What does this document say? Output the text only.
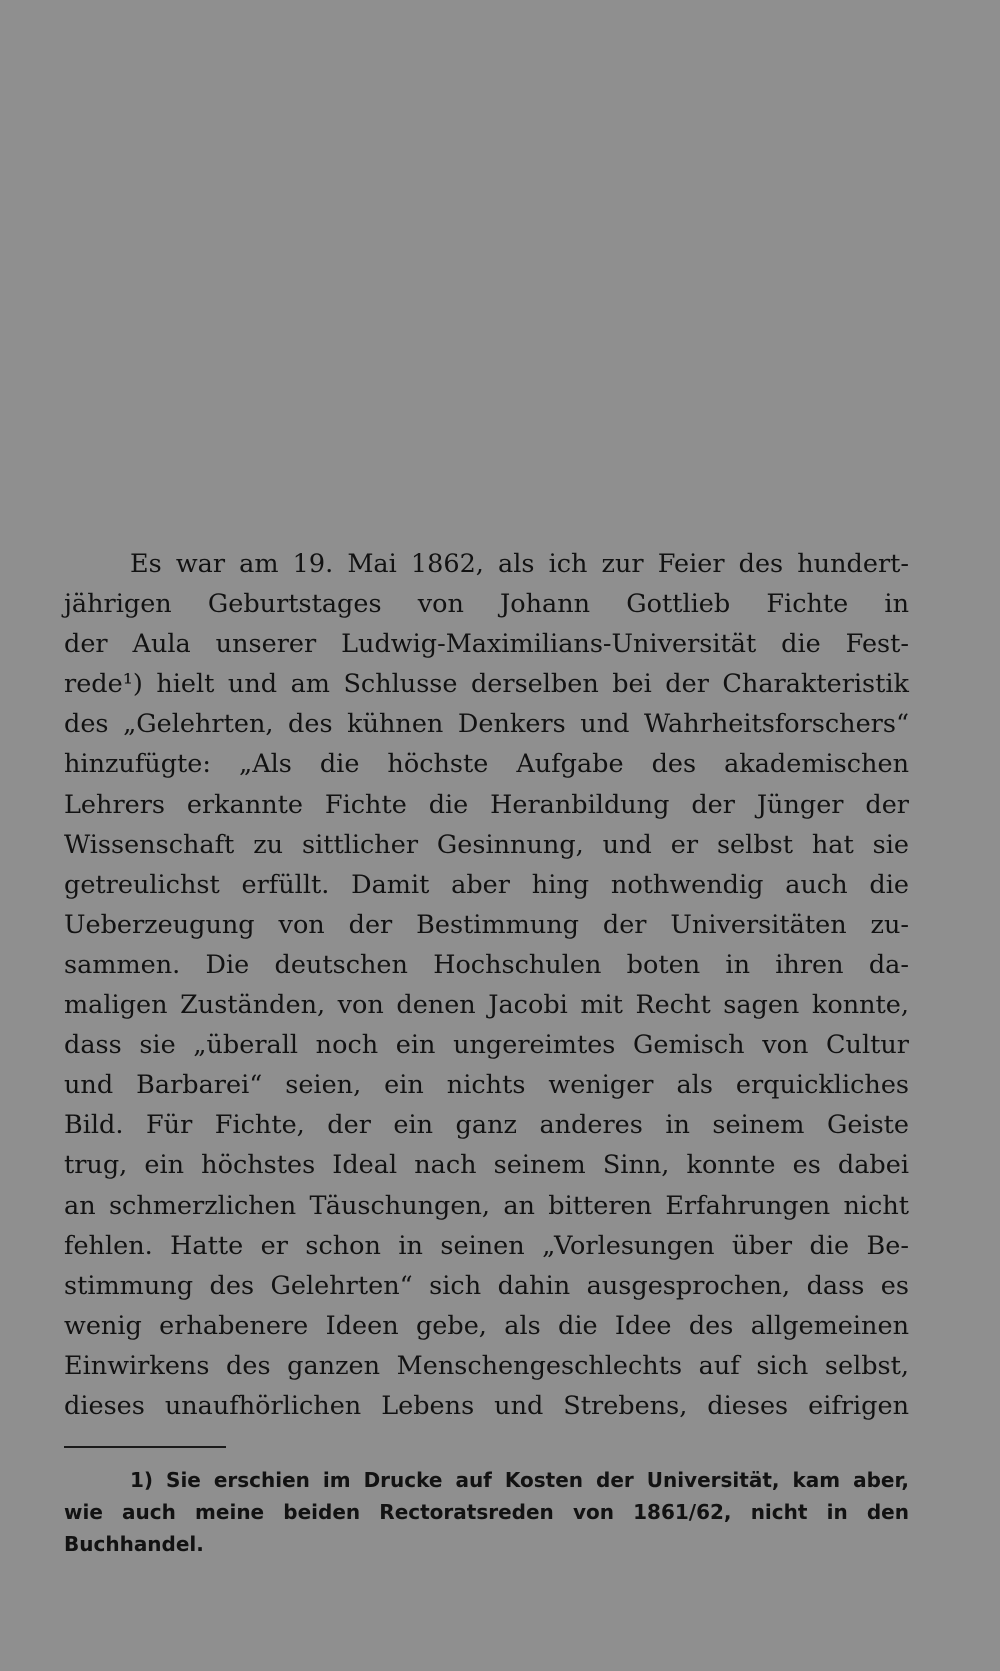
Es war am 19. Mai 1862, als ich zur Feier des hundert-
jährigen Geburtstages von Johann Gottlieb Fichte in
der Aula unserer Ludwig-Maximilians-Universität die Fest-
rede¹) hielt und am Schlusse derselben bei der Charakteristik
des „Gelehrten, des kühnen Denkers und Wahrheitsforschers“
hinzufügte: „Als die höchste Aufgabe des akademischen
Lehrers erkannte Fichte die Heranbildung der Jünger der
Wissenschaft zu sittlicher Gesinnung, und er selbst hat sie
getreulichst erfüllt. Damit aber hing nothwendig auch die
Ueberzeugung von der Bestimmung der Universitäten zu-
sammen. Die deutschen Hochschulen boten in ihren da-
maligen Zuständen, von denen Jacobi mit Recht sagen konnte,
dass sie „überall noch ein ungereimtes Gemisch von Cultur
und Barbarei“ seien, ein nichts weniger als erquickliches
Bild. Für Fichte, der ein ganz anderes in seinem Geiste
trug, ein höchstes Ideal nach seinem Sinn, konnte es dabei
an schmerzlichen Täuschungen, an bitteren Erfahrungen nicht
fehlen. Hatte er schon in seinen „Vorlesungen über die Be-
stimmung des Gelehrten“ sich dahin ausgesprochen, dass es
wenig erhabenere Ideen gebe, als die Idee des allgemeinen
Einwirkens des ganzen Menschengeschlechts auf sich selbst,
dieses unaufhörlichen Lebens und Strebens, dieses eifrigen
1) Sie erschien im Drucke auf Kosten der Universität, kam aber,
wie auch meine beiden Rectoratsreden von 1861/62, nicht in den
Buchhandel.
